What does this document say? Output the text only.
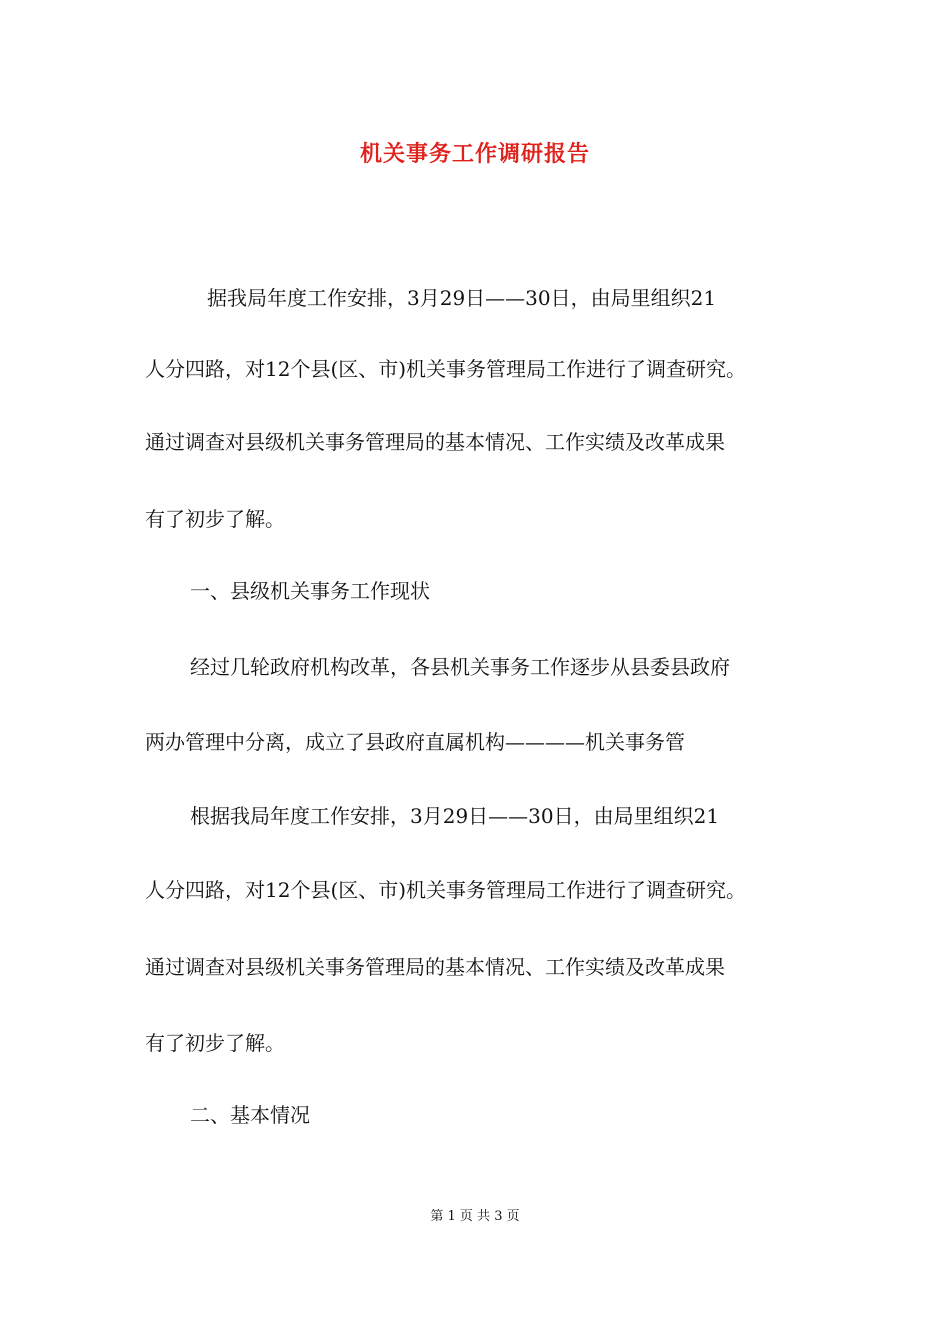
机关事务工作调研报告
据我局年度工作安排，3月29日——30日，由局里组织21
人分四路，对12个县(区、市)机关事务管理局工作进行了调查研究。
通过调查对县级机关事务管理局的基本情况、工作实绩及改革成果
有了初步了解。
一、县级机关事务工作现状
经过几轮政府机构改革，各县机关事务工作逐步从县委县政府
两办管理中分离，成立了县政府直属机构————机关事务管
根据我局年度工作安排，3月29日——30日，由局里组织21
人分四路，对12个县(区、市)机关事务管理局工作进行了调查研究。
通过调查对县级机关事务管理局的基本情况、工作实绩及改革成果
有了初步了解。
二、基本情况
第 1 页 共 3 页
